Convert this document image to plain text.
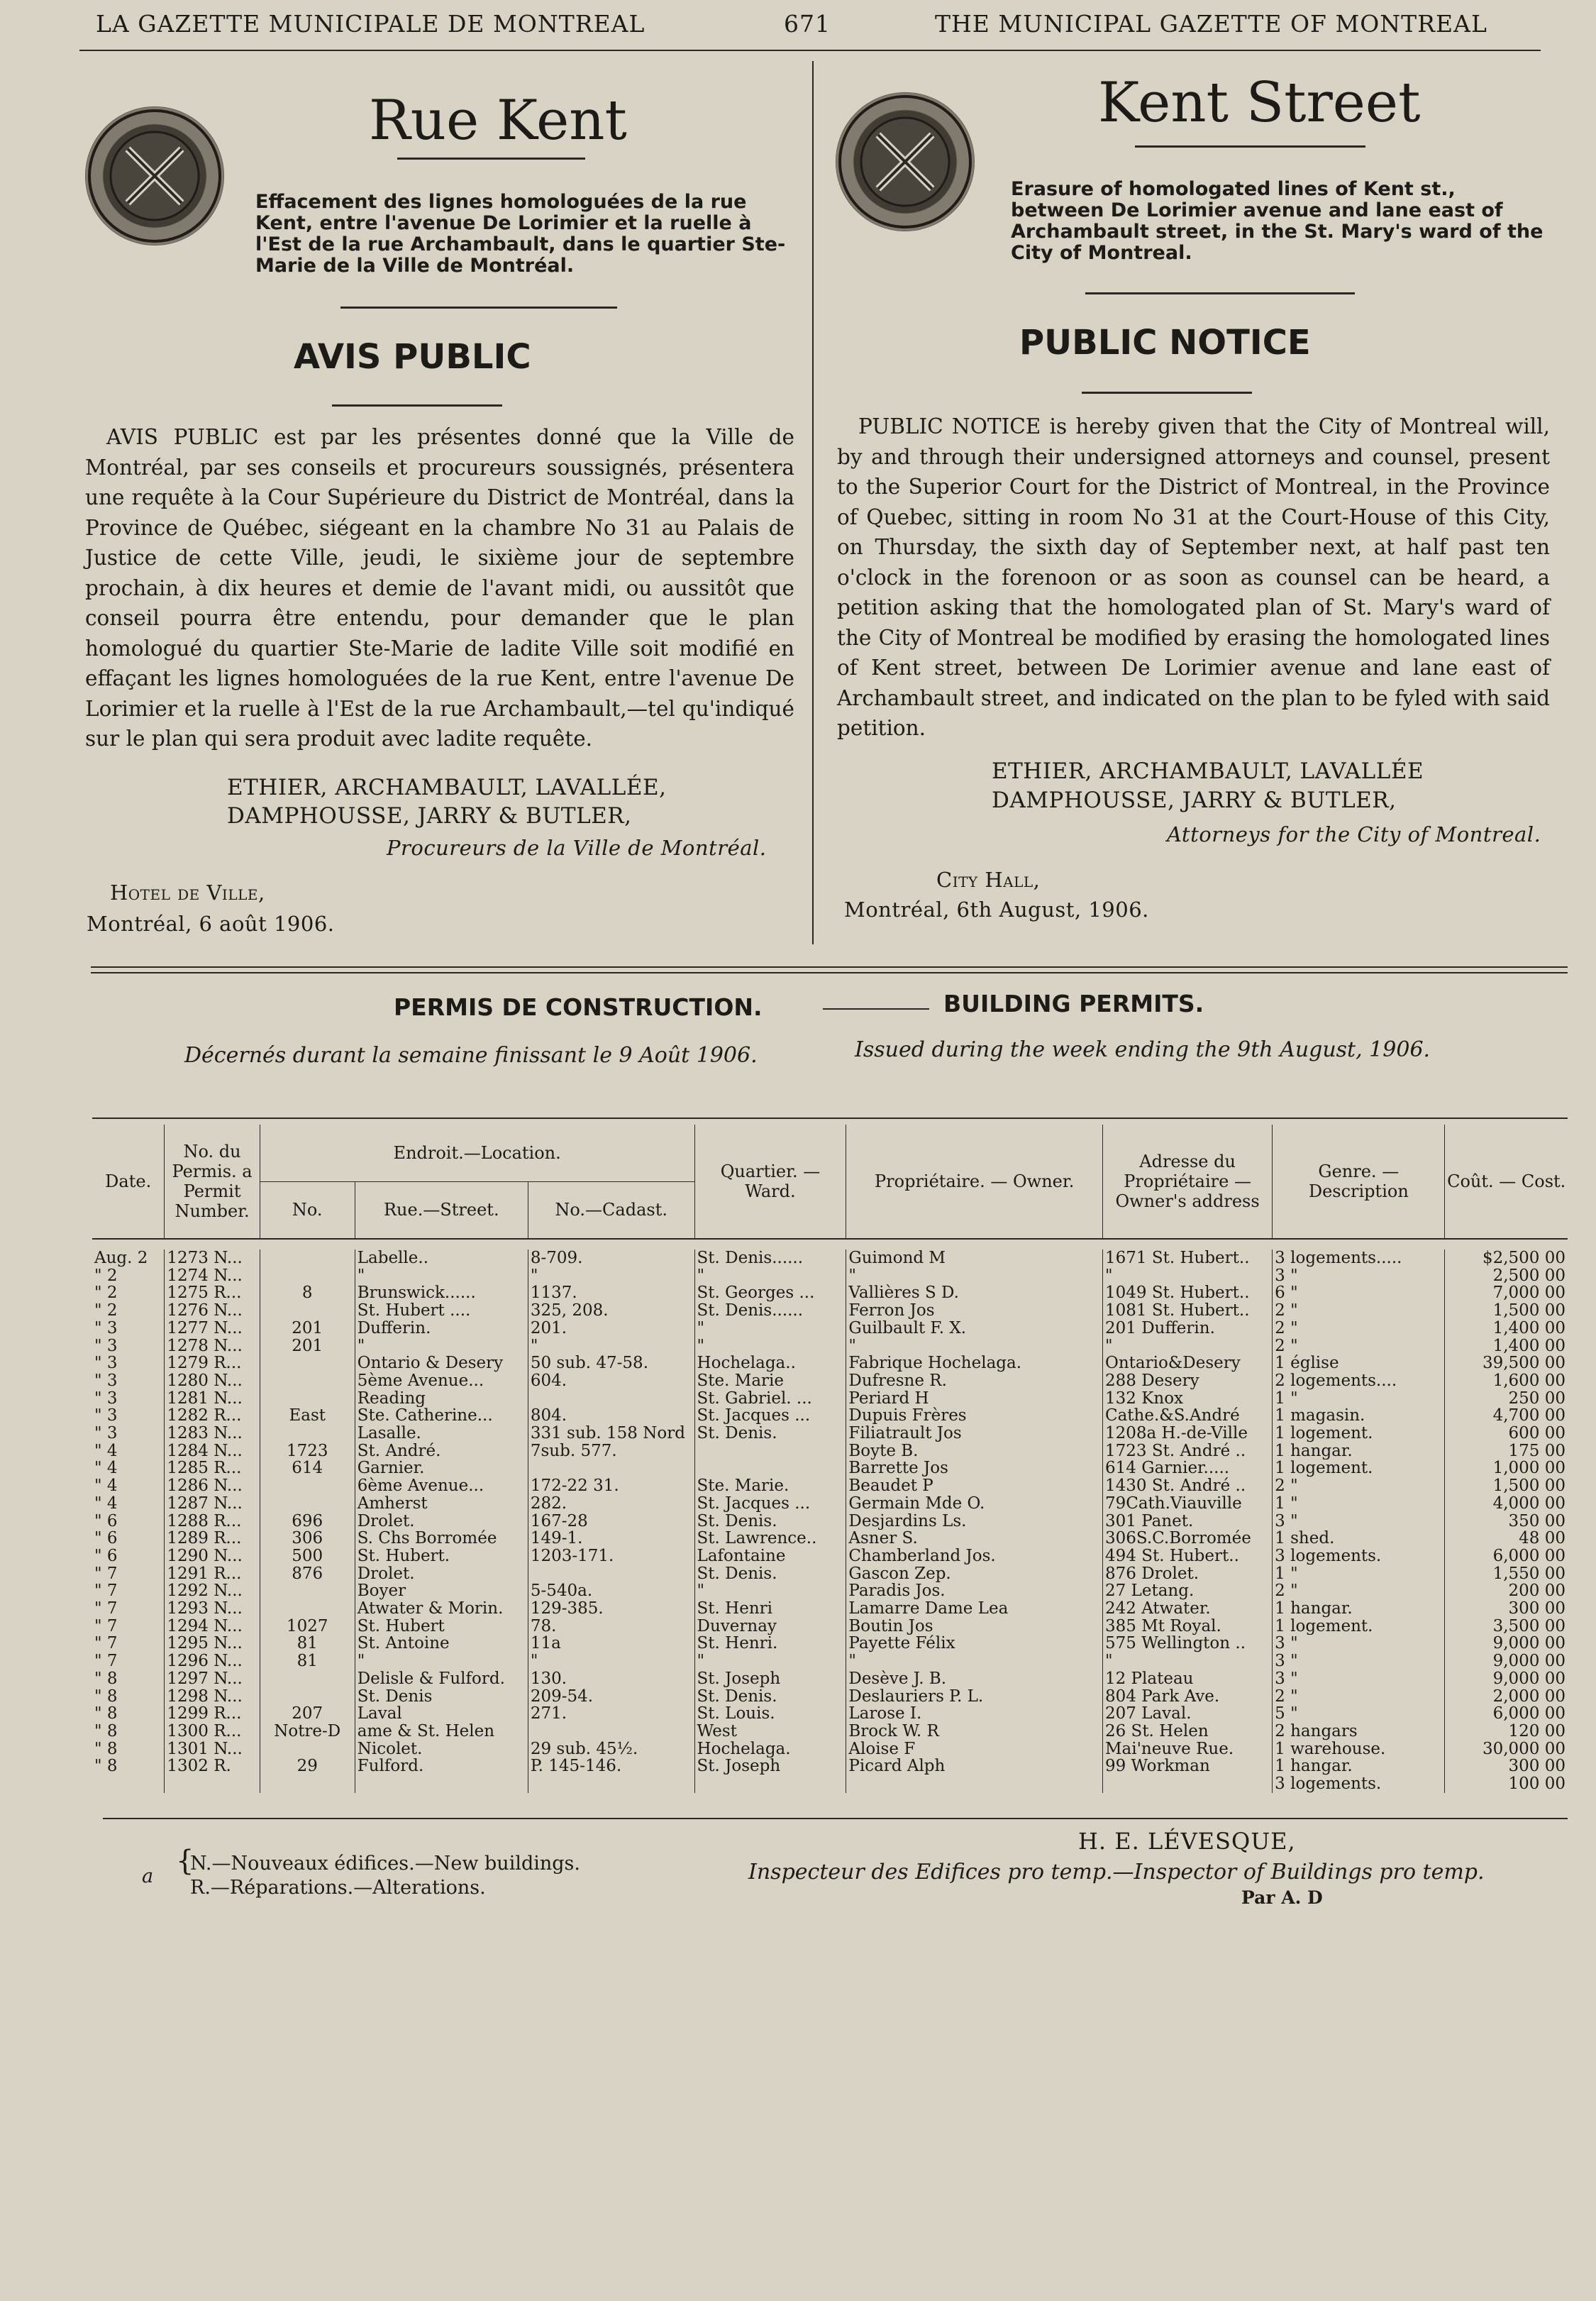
LA GAZETTE MUNICIPALE DE MONTREAL	671	THE MUNICIPAL GAZETTE OF MONTREAL
Rue Kent
Effacement des lignes homologuées de la rue Kent, entre l'avenue De Lorimier et la ruelle à l'Est de la rue Archambault, dans le quartier Ste-Marie de la Ville de Montréal.
AVIS PUBLIC
AVIS PUBLIC est par les présentes donné que la Ville de Montréal, par ses conseils et procureurs soussignés, présentera une requête à la Cour Supérieure du District de Montréal, dans la Province de Québec, siégeant en la chambre No 31 au Palais de Justice de cette Ville, jeudi, le sixième jour de septembre prochain, à dix heures et demie de l'avant midi, ou aussitôt que conseil pourra être entendu, pour demander que le plan homologué du quartier Ste-Marie de ladite Ville soit modifié en effaçant les lignes homologuées de la rue Kent, entre l'avenue De Lorimier et la ruelle à l'Est de la rue Archambault,—tel qu'indiqué sur le plan qui sera produit avec ladite requête.
ETHIER, ARCHAMBAULT, LAVALLÉE,
DAMPHOUSSE, JARRY & BUTLER,
Procureurs de la Ville de Montréal.
Hotel de Ville,
Montréal, 6 août 1906.
Kent Street
Erasure of homologated lines of Kent st., between De Lorimier avenue and lane east of Archambault street, in the St. Mary's ward of the City of Montreal.
PUBLIC NOTICE
PUBLIC NOTICE is hereby given that the City of Montreal will, by and through their undersigned attorneys and counsel, present to the Superior Court for the District of Montreal, in the Province of Quebec, sitting in room No 31 at the Court-House of this City, on Thursday, the sixth day of September next, at half past ten o'clock in the forenoon or as soon as counsel can be heard, a petition asking that the homologated plan of St. Mary's ward of the City of Montreal be modified by erasing the homologated lines of Kent street, between De Lorimier avenue and lane east of Archambault street, and indicated on the plan to be fyled with said petition.
ETHIER, ARCHAMBAULT, LAVALLÉE
DAMPHOUSSE, JARRY & BUTLER,
Attorneys for the City of Montreal.
City Hall,
Montréal, 6th August, 1906.
PERMIS DE CONSTRUCTION.	BUILDING PERMITS.
Décernés durant la semaine finissant le 9 Août 1906.	Issued during the week ending the 9th August, 1906.
Date.	No. du Permis. a Permit Number.	Endroit.—Location.			Quartier. — Ward.	Propriétaire. — Owner.	Adresse du Propriétaire — Owner's address	Genre. — Description	Coût. — Cost.
		No.	Rue.—Street.	No.—Cadast.					

Aug. 2	1273 N...		Labelle..	8-709.	St. Denis......	Guimond M	1671 St. Hubert..	3 logements.....	$2,500 00
" 2	1274 N...		"	"	"	"	"	3 "	2,500 00
" 2	1275 R...	8	Brunswick......	1137.	St. Georges ...	Vallières S D.	1049 St. Hubert..	6 "	7,000 00
" 2	1276 N...		St. Hubert ....	325, 208.	St. Denis......	Ferron Jos	1081 St. Hubert..	2 "	1,500 00
" 3	1277 N...	201	Dufferin.	201.	"	Guilbault F. X.	201 Dufferin.	2 "	1,400 00
" 3	1278 N...	201	"	"	"	"	"	2 "	1,400 00
" 3	1279 R...		Ontario & Desery	50 sub. 47-58.	Hochelaga..	Fabrique Hochelaga.	Ontario&Desery	1 église	39,500 00
" 3	1280 N...		5ème Avenue...	604.	Ste. Marie	Dufresne R.	288 Desery	2 logements....	1,600 00
" 3	1281 N...		Reading		St. Gabriel. ...	Periard H	132 Knox	1 "	250 00
" 3	1282 R...	East	Ste. Catherine...	804.	St. Jacques ...	Dupuis Frères	Cathe.&S.André	1 magasin.	4,700 00
" 3	1283 N...		Lasalle.	331 sub. 158 Nord	St. Denis.	Filiatrault Jos	1208a H.-de-Ville	1 logement.	600 00
" 4	1284 N...	1723	St. André.	7sub. 577.		Boyte B.	1723 St. André ..	1 hangar.	175 00
" 4	1285 R...	614	Garnier.			Barrette Jos	614 Garnier.....	1 logement.	1,000 00
" 4	1286 N...		6ème Avenue...	172-22 31.	Ste. Marie.	Beaudet P	1430 St. André ..	2 "	1,500 00
" 4	1287 N...		Amherst	282.	St. Jacques ...	Germain Mde O.	79Cath.Viauville	1 "	4,000 00
" 6	1288 R...	696	Drolet.	167-28	St. Denis.	Desjardins Ls.	301 Panet.	3 "	350 00
" 6	1289 R...	306	S. Chs Borromée	149-1.	St. Lawrence..	Asner S.	306S.C.Borromée	1 shed.	48 00
" 6	1290 N...	500	St. Hubert.	1203-171.	Lafontaine	Chamberland Jos.	494 St. Hubert..	3 logements.	6,000 00
" 7	1291 R...	876	Drolet.		St. Denis.	Gascon Zep.	876 Drolet.	1 "	1,550 00
" 7	1292 N...		Boyer	5-540a.	"	Paradis Jos.	27 Letang.	2 "	200 00
" 7	1293 N...		Atwater & Morin.	129-385.	St. Henri	Lamarre Dame Lea	242 Atwater.	1 hangar.	300 00
" 7	1294 N...	1027	St. Hubert	78.	Duvernay	Boutin Jos	385 Mt Royal.	1 logement.	3,500 00
" 7	1295 N...	81	St. Antoine	11a	St. Henri.	Payette Félix	575 Wellington ..	3 "	9,000 00
" 7	1296 N...	81	"	"	"	"	"	3 "	9,000 00
" 8	1297 N...		Delisle & Fulford.	130.	St. Joseph	Desève J. B.	12 Plateau	3 "	9,000 00
" 8	1298 N...		St. Denis	209-54.	St. Denis.	Deslauriers P. L.	804 Park Ave.	2 "	2,000 00
" 8	1299 R...	207	Laval	271.	St. Louis.	Larose I.	207 Laval.	5 "	6,000 00
" 8	1300 R...	Notre-D	ame & St. Helen		West	Brock W. R	26 St. Helen	2 hangars	120 00
" 8	1301 N...		Nicolet.	29 sub. 45½.	Hochelaga.	Aloise F	Mai'neuve Rue.	1 warehouse.	30,000 00
" 8	1302 R.	29	Fulford.	P. 145-146.	St. Joseph	Picard Alph	99 Workman	1 hangar.	300 00
								3 logements.	100 00
a {
N.—Nouveaux édifices.—New buildings.
R.—Réparations.—Alterations.
H. E. LÉVESQUE,
Inspecteur des Edifices pro temp.—Inspector of Buildings pro temp.
Par A. D
